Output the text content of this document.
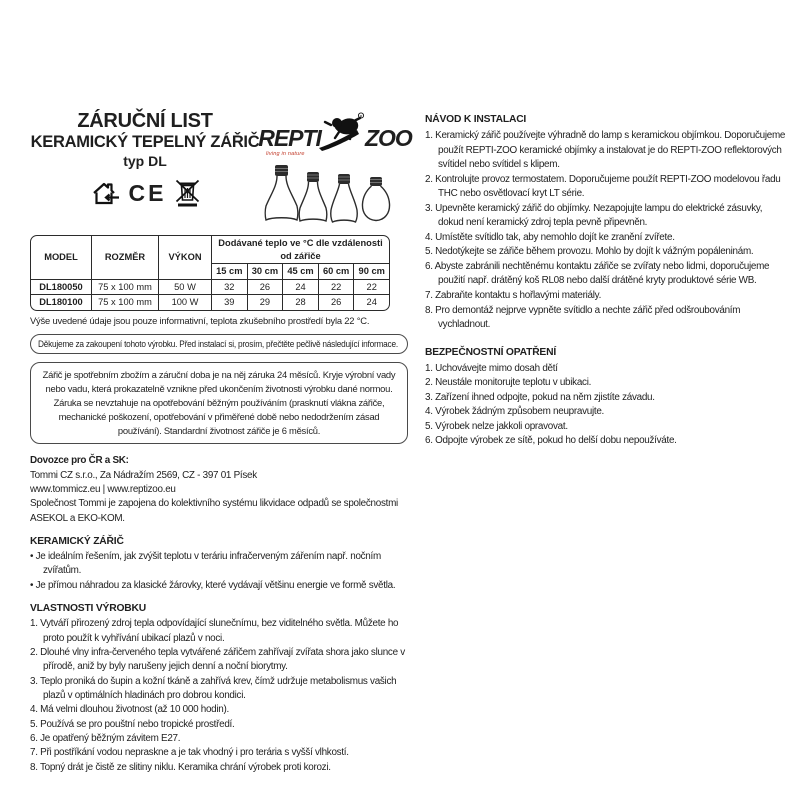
ZÁRUČNÍ LIST
KERAMICKÝ TEPELNÝ ZÁŘIČ
typ DL
CE
REPTI
R
ZOO
living in nature
MODEL	ROZMĚR	VÝKON	Dodávané teplo ve °C dle vzdálenosti od zářiče				
			15 cm	30 cm	45 cm	60 cm	90 cm
DL180050	75 x 100 mm	50 W	32	26	24	22	22
DL180100	75 x 100 mm	100 W	39	29	28	26	24
Výše uvedené údaje jsou pouze informativní, teplota zkušebního prostředí byla 22 °C.
Děkujeme za zakoupení tohoto výrobku. Před instalací si, prosím, přečtěte pečlivě následující informace.
Zářič je spotřebním zbožím a záruční doba je na něj záruka 24 měsíců. Kryje výrobní vady nebo vadu, která prokazatelně vznikne před ukončením životnosti výrobku dané normou. Záruka se nevztahuje na opotřebování běžným používáním (prasknutí vlákna zářiče, mechanické poškození, opotřebování v přiměřené době nebo nedodržením zásad používání). Standardní životnost zářiče je 6 měsíců.
Dovozce pro ČR a SK:
Tommi CZ s.r.o., Za Nádražím 2569, CZ - 397 01 Písek
www.tommicz.eu | www.reptizoo.eu
Společnost Tommi je zapojena do kolektivního systému likvidace odpadů se společnostmi ASEKOL a EKO-KOM.
KERAMICKÝ ZÁŘIČ
• Je ideálním řešením, jak zvýšit teplotu v teráriu infračerveným zářením např. nočním zvířatům.
• Je přímou náhradou za klasické žárovky, které vydávají většinu energie ve formě světla.
VLASTNOSTI VÝROBKU
1. Vytváří přirozený zdroj tepla odpovídající slunečnímu, bez viditelného světla. Můžete ho proto použít k vyhřívání ubikací plazů v noci.
2. Dlouhé vlny infra-červeného tepla vytvářené zářičem zahřívají zvířata shora jako slunce v přírodě, aniž by byly narušeny jejich denní a noční biorytmy.
3. Teplo proniká do šupin a kožní tkáně a zahřívá krev, čímž udržuje metabolismus vašich plazů v optimálních hladinách pro dobrou kondici.
4. Má velmi dlouhou životnost (až 10 000 hodin).
5. Používá se pro pouštní nebo tropické prostředí.
6. Je opatřený běžným závitem E27.
7. Při postříkání vodou nepraskne a je tak vhodný i pro terária s vyšší vlhkostí.
8. Topný drát je čistě ze slitiny niklu. Keramika chrání výrobek proti korozi.
NÁVOD K INSTALACI
1. Keramický zářič používejte výhradně do lamp s keramickou objímkou. Doporučujeme použít REPTI-ZOO keramické objímky a instalovat je do REPTI-ZOO reflektorových svítidel nebo svítidel s klipem.
2. Kontrolujte provoz termostatem. Doporučujeme použít REPTI-ZOO modelovou řadu THC nebo osvětlovací kryt LT série.
3. Upevněte keramický zářič do objímky. Nezapojujte lampu do elektrické zásuvky, dokud není keramický zdroj tepla pevně připevněn.
4. Umístěte svítidlo tak, aby nemohlo dojít ke zranění zvířete.
5. Nedotýkejte se zářiče během provozu. Mohlo by dojít k vážným popáleninám.
6. Abyste zabránili nechtěnému kontaktu zářiče se zvířaty nebo lidmi, doporučujeme použití např. drátěný koš RL08 nebo další drátěné kryty produktové série WB.
7. Zabraňte kontaktu s hořlavými materiály.
8. Pro demontáž nejprve vypněte svítidlo a nechte zářič před odšroubováním vychladnout.
BEZPEČNOSTNÍ OPATŘENÍ
1. Uchovávejte mimo dosah dětí
2. Neustále monitorujte teplotu v ubikaci.
3. Zařízení ihned odpojte, pokud na něm zjistíte závadu.
4. Výrobek žádným způsobem neupravujte.
5. Výrobek nelze jakkoli opravovat.
6. Odpojte výrobek ze sítě, pokud ho delší dobu nepoužíváte.
